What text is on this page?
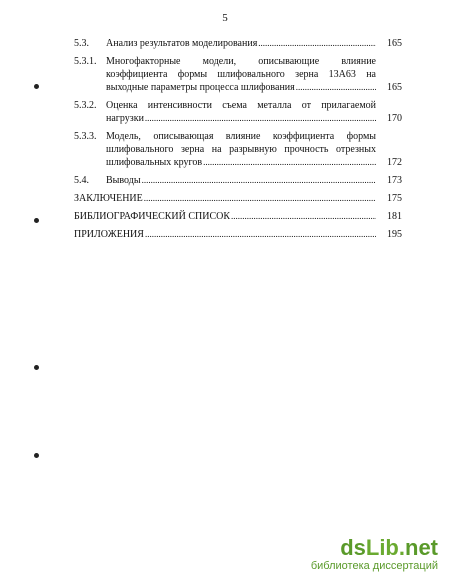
5
5.3. Анализ результатов моделирования .....	165
5.3.1. Многофакторные модели, описывающие влияние
коэффициента формы шлифовального зерна 13А63 на
выходные параметры процесса шлифования .....	165
5.3.2. Оценка интенсивности съема металла от прилагаемой
нагрузки .....	170
5.3.3. Модель, описывающая влияние коэффициента формы
шлифовального зерна на разрывную прочность отрезных
шлифовальных кругов .....	172
5.4. Выводы .....	173
ЗАКЛЮЧЕНИЕ .....	175
БИБЛИОГРАФИЧЕСКИЙ СПИСОК .....	181
ПРИЛОЖЕНИЯ .....	195
dsLib.net
библиотека диссертаций
